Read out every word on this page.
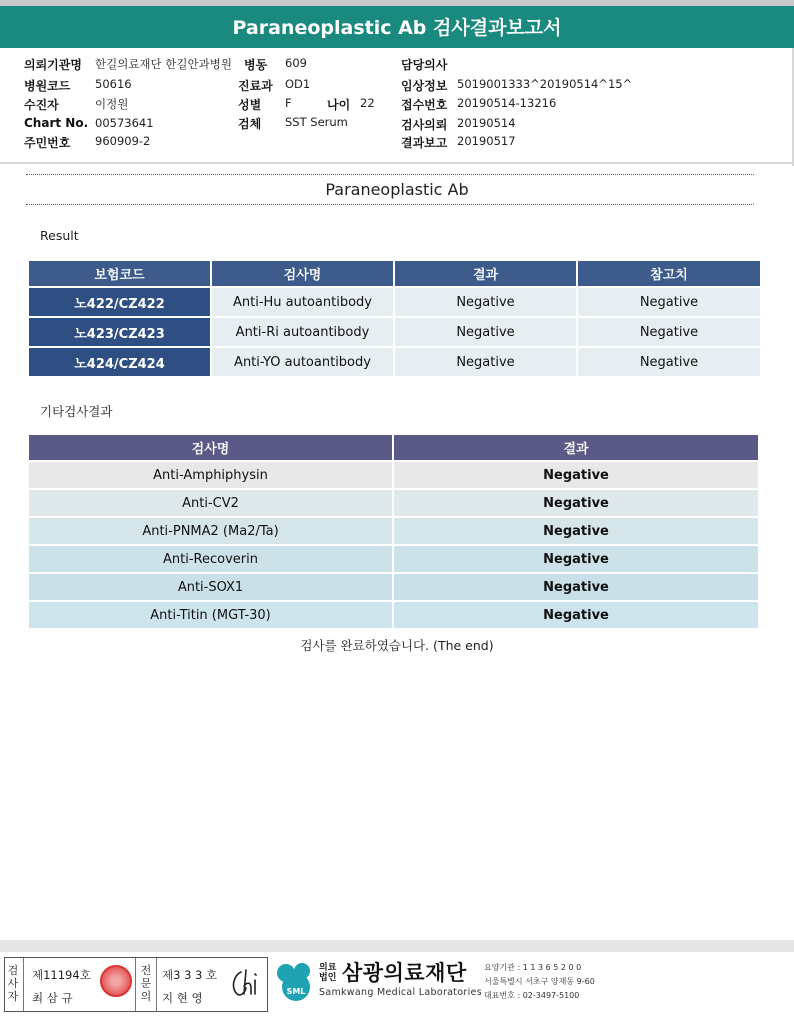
Paraneoplastic Ab 검사결과보고서
의뢰기관명 한길의료재단 한길안과병원
병원코드 50616
수진자	이정원
Chart No. 00573641
주민번호 960909-2
병동 609
진료과 OD1
성별 F	나이 22
검체 SST Serum
담당의사
임상정보 5019001333^20190514^15^
접수번호 20190514-13216
검사의뢰 20190514
결과보고 20190517
Paraneoplastic Ab
Result
보험코드	검사명	결과	참고치
노422/CZ422	Anti-Hu autoantibody	Negative	Negative
노423/CZ423	Anti-Ri autoantibody	Negative	Negative
노424/CZ424	Anti-YO autoantibody	Negative	Negative
기타검사결과
검사명	결과
Anti-Amphiphysin	Negative
Anti-CV2	Negative
Anti-PNMA2 (Ma2/Ta)	Negative
Anti-Recoverin	Negative
Anti-SOX1	Negative
Anti-Titin (MGT-30)	Negative
검사를 완료하였습니다. (The end)
검
사
자
제11194호
최 삼 규
전
문
의
제3 3 3 호
지 현 영	SML
의료
법인 삼광의료재단
Samkwang Medical Laboratories
요양기관 : 1 1 3 6 5 2 0 0
서울특별시 서초구 양재동 9-60
대표번호 : 02-3497-5100
